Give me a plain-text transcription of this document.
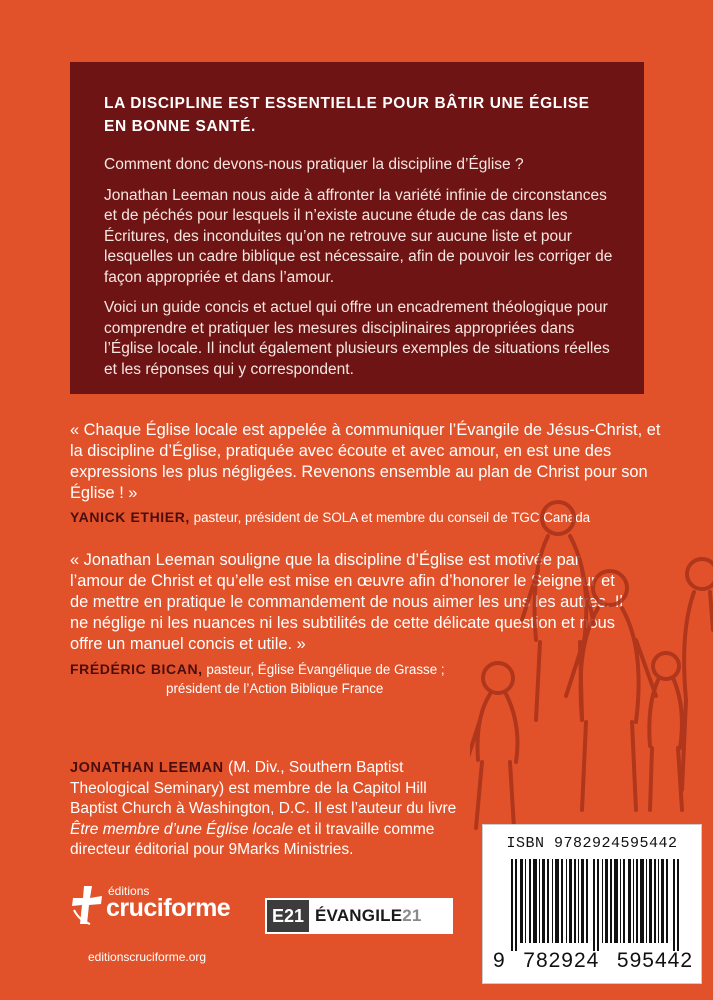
LA DISCIPLINE EST ESSENTIELLE POUR BÂTIR UNE ÉGLISE
EN BONNE SANTÉ.

Comment donc devons-nous pratiquer la discipline d’Église ?

Jonathan Leeman nous aide à affronter la variété infinie de circonstances et de péchés pour lesquels il n’existe aucune étude de cas dans les Écritures, des inconduites qu’on ne retrouve sur aucune liste et pour lesquelles un cadre biblique est nécessaire, afin de pouvoir les corriger de façon appropriée et dans l’amour.

Voici un guide concis et actuel qui offre un encadrement théologique pour comprendre et pratiquer les mesures disciplinaires appropriées dans l’Église locale. Il inclut également plusieurs exemples de situations réelles et les réponses qui y correspondent.

« Chaque Église locale est appelée à communiquer l’Évangile de Jésus-Christ, et la discipline d’Église, pratiquée avec écoute et avec amour, en est une des expressions les plus négligées. Revenons ensemble au plan de Christ pour son Église ! »

YANICK ETHIER, pasteur, président de SOLA et membre du conseil de TGC Canada

« Jonathan Leeman souligne que la discipline d’Église est motivée par l’amour de Christ et qu’elle est mise en œuvre afin d’honorer le Seigneur et de mettre en pratique le commandement de nous aimer les uns les autres. Il ne néglige ni les nuances ni les subtilités de cette délicate question et nous offre un manuel concis et utile. »

FRÉDÉRIC BICAN, pasteur, Église Évangélique de Grasse ;

président de l’Action Biblique France

JONATHAN LEEMAN (M. Div., Southern Baptist Theological Seminary) est membre de la Capitol Hill Baptist Church à Washington, D.C. Il est l’auteur du livre Être membre d’une Église locale et il travaille comme directeur éditorial pour 9Marks Ministries.

éditions
cruciforme

editionscruciforme.org

E21 ÉVANGILE 21
ISBN 9782924595442
9 782924 595442
